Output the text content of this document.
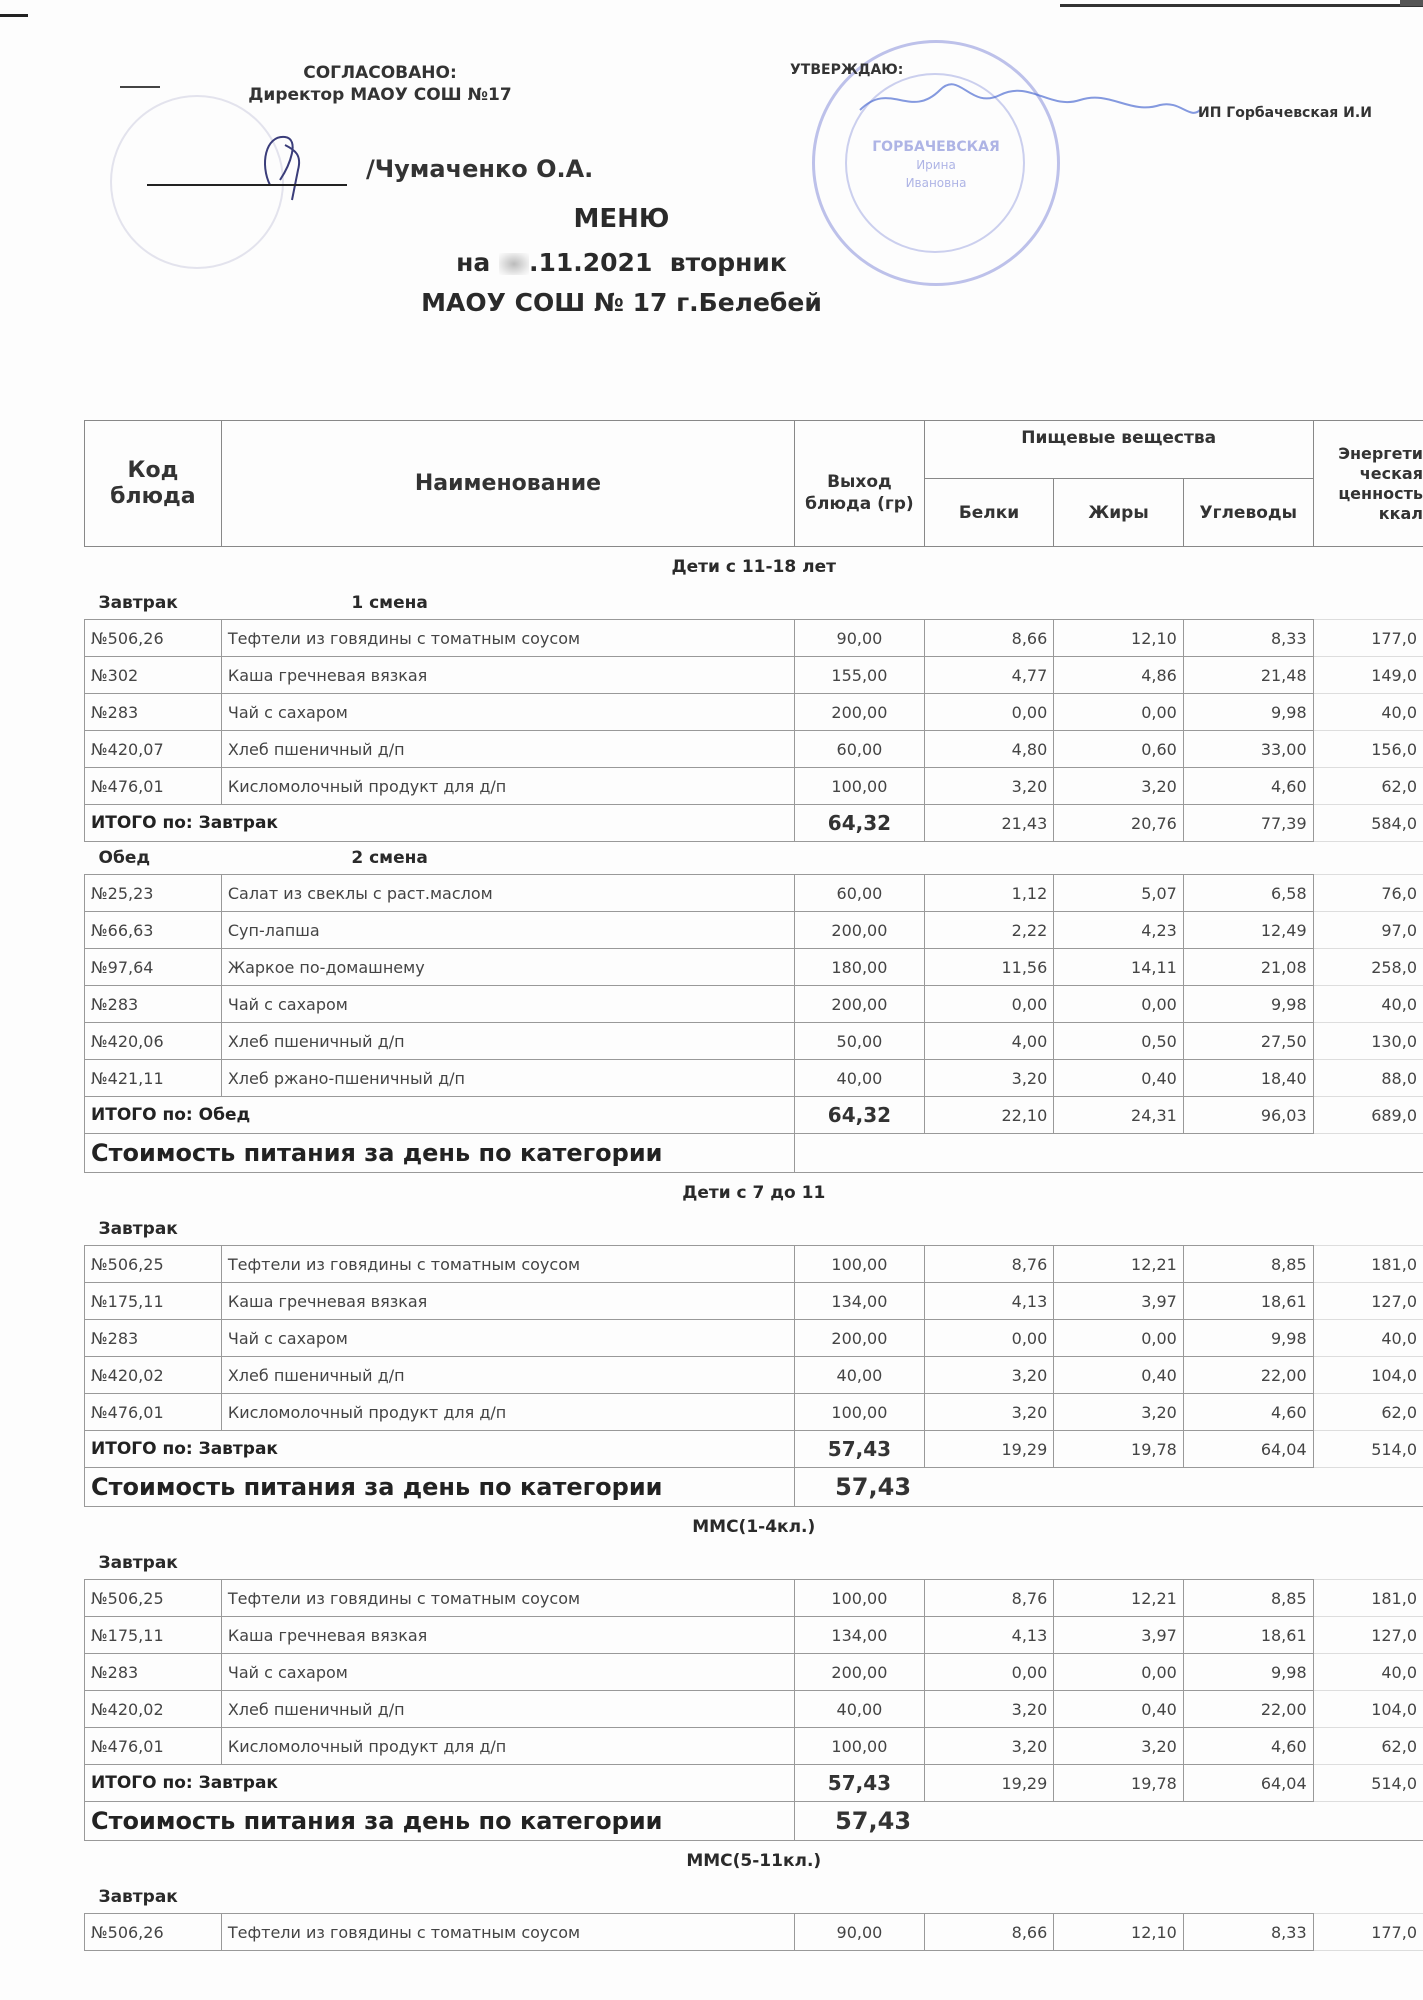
СОГЛАСОВАНО:
Директор МАОУ СОШ №17
/Чумаченко О.А.
ГОРБАЧЕВСКАЯ
Ирина
Ивановна
УТВЕРЖДАЮ:
ИП Горбачевская И.И
МЕНЮ
на .11.2021 вторник
МАОУ СОШ № 17 г.Белебей
Код блюда	Наименование	Выход блюда (гр)	Пищевые вещества			Энергети ческая ценность ккал
			Белки	Жиры	Углеводы	
Дети с 11-18 лет						
Завтрак	1 смена					
№506,26	Тефтели из говядины с томатным соусом	90,00	8,66	12,10	8,33	177,0
№302	Каша гречневая вязкая	155,00	4,77	4,86	21,48	149,0
№283	Чай с сахаром	200,00	0,00	0,00	9,98	40,0
№420,07	Хлеб пшеничный д/п	60,00	4,80	0,60	33,00	156,0
№476,01	Кисломолочный продукт для д/п	100,00	3,20	3,20	4,60	62,0
ИТОГО по: Завтрак		64,32	21,43	20,76	77,39	584,0
Обед	2 смена					
№25,23	Салат из свеклы с раст.маслом	60,00	1,12	5,07	6,58	76,0
№66,63	Суп-лапша	200,00	2,22	4,23	12,49	97,0
№97,64	Жаркое по-домашнему	180,00	11,56	14,11	21,08	258,0
№283	Чай с сахаром	200,00	0,00	0,00	9,98	40,0
№420,06	Хлеб пшеничный д/п	50,00	4,00	0,50	27,50	130,0
№421,11	Хлеб ржано-пшеничный д/п	40,00	3,20	0,40	18,40	88,0
ИТОГО по: Обед		64,32	22,10	24,31	96,03	689,0
Стоимость питания за день по категории						
Дети с 7 до 11						
Завтрак						
№506,25	Тефтели из говядины с томатным соусом	100,00	8,76	12,21	8,85	181,0
№175,11	Каша гречневая вязкая	134,00	4,13	3,97	18,61	127,0
№283	Чай с сахаром	200,00	0,00	0,00	9,98	40,0
№420,02	Хлеб пшеничный д/п	40,00	3,20	0,40	22,00	104,0
№476,01	Кисломолочный продукт для д/п	100,00	3,20	3,20	4,60	62,0
ИТОГО по: Завтрак		57,43	19,29	19,78	64,04	514,0
Стоимость питания за день по категории		57,43				
ММС(1-4кл.)						
Завтрак						
№506,25	Тефтели из говядины с томатным соусом	100,00	8,76	12,21	8,85	181,0
№175,11	Каша гречневая вязкая	134,00	4,13	3,97	18,61	127,0
№283	Чай с сахаром	200,00	0,00	0,00	9,98	40,0
№420,02	Хлеб пшеничный д/п	40,00	3,20	0,40	22,00	104,0
№476,01	Кисломолочный продукт для д/п	100,00	3,20	3,20	4,60	62,0
ИТОГО по: Завтрак		57,43	19,29	19,78	64,04	514,0
Стоимость питания за день по категории		57,43				
ММС(5-11кл.)						
Завтрак						
№506,26	Тефтели из говядины с томатным соусом	90,00	8,66	12,10	8,33	177,0
